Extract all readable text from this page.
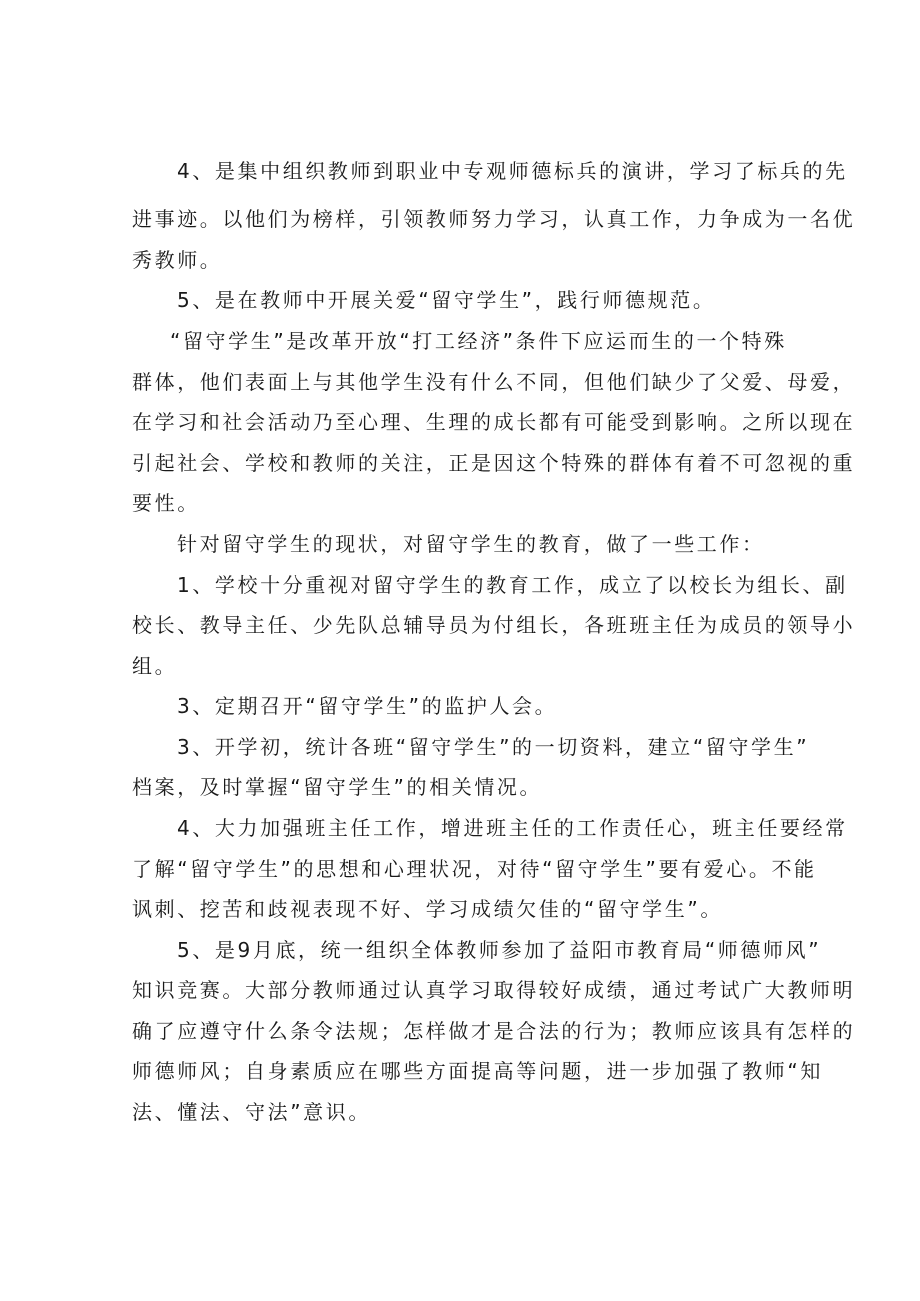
4、是集中组织教师到职业中专观师德标兵的演讲，学习了标兵的先
进事迹。以他们为榜样，引领教师努力学习，认真工作，力争成为一名优
秀教师。
5、是在教师中开展关爱“留守学生”，践行师德规范。
“留守学生”是改革开放“打工经济”条件下应运而生的一个特殊
群体，他们表面上与其他学生没有什么不同，但他们缺少了父爱、母爱，
在学习和社会活动乃至心理、生理的成长都有可能受到影响。之所以现在
引起社会、学校和教师的关注，正是因这个特殊的群体有着不可忽视的重
要性。
针对留守学生的现状，对留守学生的教育，做了一些工作：
1、学校十分重视对留守学生的教育工作，成立了以校长为组长、副
校长、教导主任、少先队总辅导员为付组长，各班班主任为成员的领导小
组。
3、定期召开“留守学生”的监护人会。
3、开学初，统计各班“留守学生”的一切资料，建立“留守学生”
档案，及时掌握“留守学生”的相关情况。
4、大力加强班主任工作，增进班主任的工作责任心，班主任要经常
了解“留守学生”的思想和心理状况，对待“留守学生”要有爱心。不能
讽刺、挖苦和歧视表现不好、学习成绩欠佳的“留守学生”。
5、是9月底，统一组织全体教师参加了益阳市教育局“师德师风”
知识竞赛。大部分教师通过认真学习取得较好成绩，通过考试广大教师明
确了应遵守什么条令法规；怎样做才是合法的行为；教师应该具有怎样的
师德师风；自身素质应在哪些方面提高等问题，进一步加强了教师“知
法、懂法、守法”意识。
